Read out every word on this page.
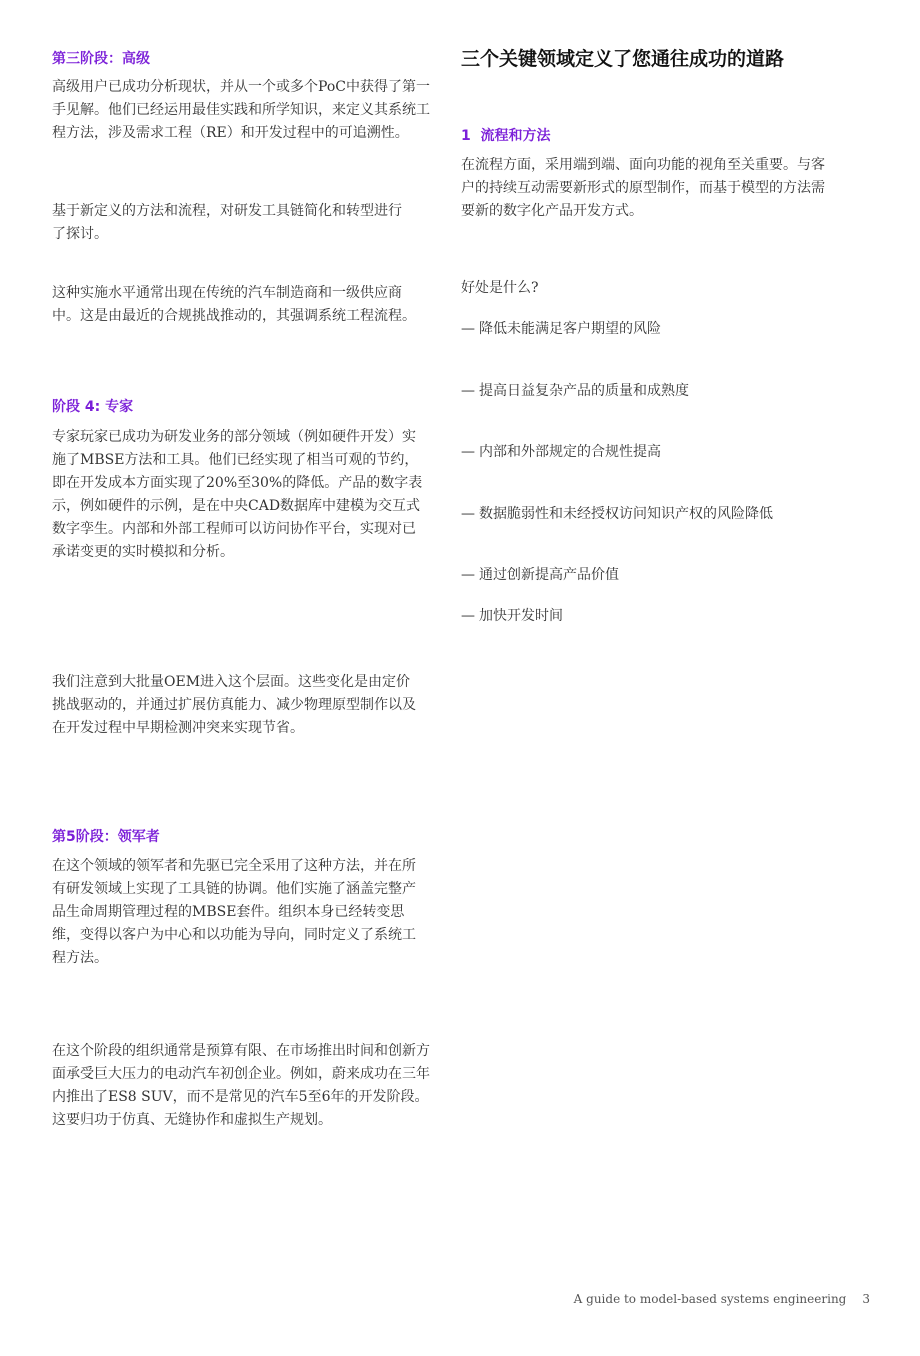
第三阶段：高级

高级用户已成功分析现状，并从一个或多个PoC中获得了第一手见解。他们已经运用最佳实践和所学知识，来定义其系统工程方法，涉及需求工程（RE）和开发过程中的可追溯性。

基于新定义的方法和流程，对研发工具链简化和转型进行了探讨。

这种实施水平通常出现在传统的汽车制造商和一级供应商中。这是由最近的合规挑战推动的，其强调系统工程流程。

阶段 4: 专家

专家玩家已成功为研发业务的部分领域（例如硬件开发）实施了MBSE方法和工具。他们已经实现了相当可观的节约，即在开发成本方面实现了20%至30%的降低。产品的数字表示，例如硬件的示例，是在中央CAD数据库中建模为交互式数字孪生。内部和外部工程师可以访问协作平台，实现对已承诺变更的实时模拟和分析。

我们注意到大批量OEM进入这个层面。这些变化是由定价挑战驱动的，并通过扩展仿真能力、减少物理原型制作以及在开发过程中早期检测冲突来实现节省。

第5阶段：领军者

在这个领域的领军者和先驱已完全采用了这种方法，并在所有研发领域上实现了工具链的协调。他们实施了涵盖完整产品生命周期管理过程的MBSE套件。组织本身已经转变思维，变得以客户为中心和以功能为导向，同时定义了系统工程方法。

在这个阶段的组织通常是预算有限、在市场推出时间和创新方面承受巨大压力的电动汽车初创企业。例如，蔚来成功在三年内推出了ES8 SUV，而不是常见的汽车5至6年的开发阶段。这要归功于仿真、无缝协作和虚拟生产规划。

三个关键领域定义了您通往成功的道路
1  流程和方法

在流程方面，采用端到端、面向功能的视角至关重要。与客户的持续互动需要新形式的原型制作，而基于模型的方法需要新的数字化产品开发方式。

好处是什么?

— 降低未能满足客户期望的风险
— 提高日益复杂产品的质量和成熟度
— 内部和外部规定的合规性提高
— 数据脆弱性和未经授权访问知识产权的风险降低
— 通过创新提高产品价值
— 加快开发时间
A guide to model-based systems engineering 3
